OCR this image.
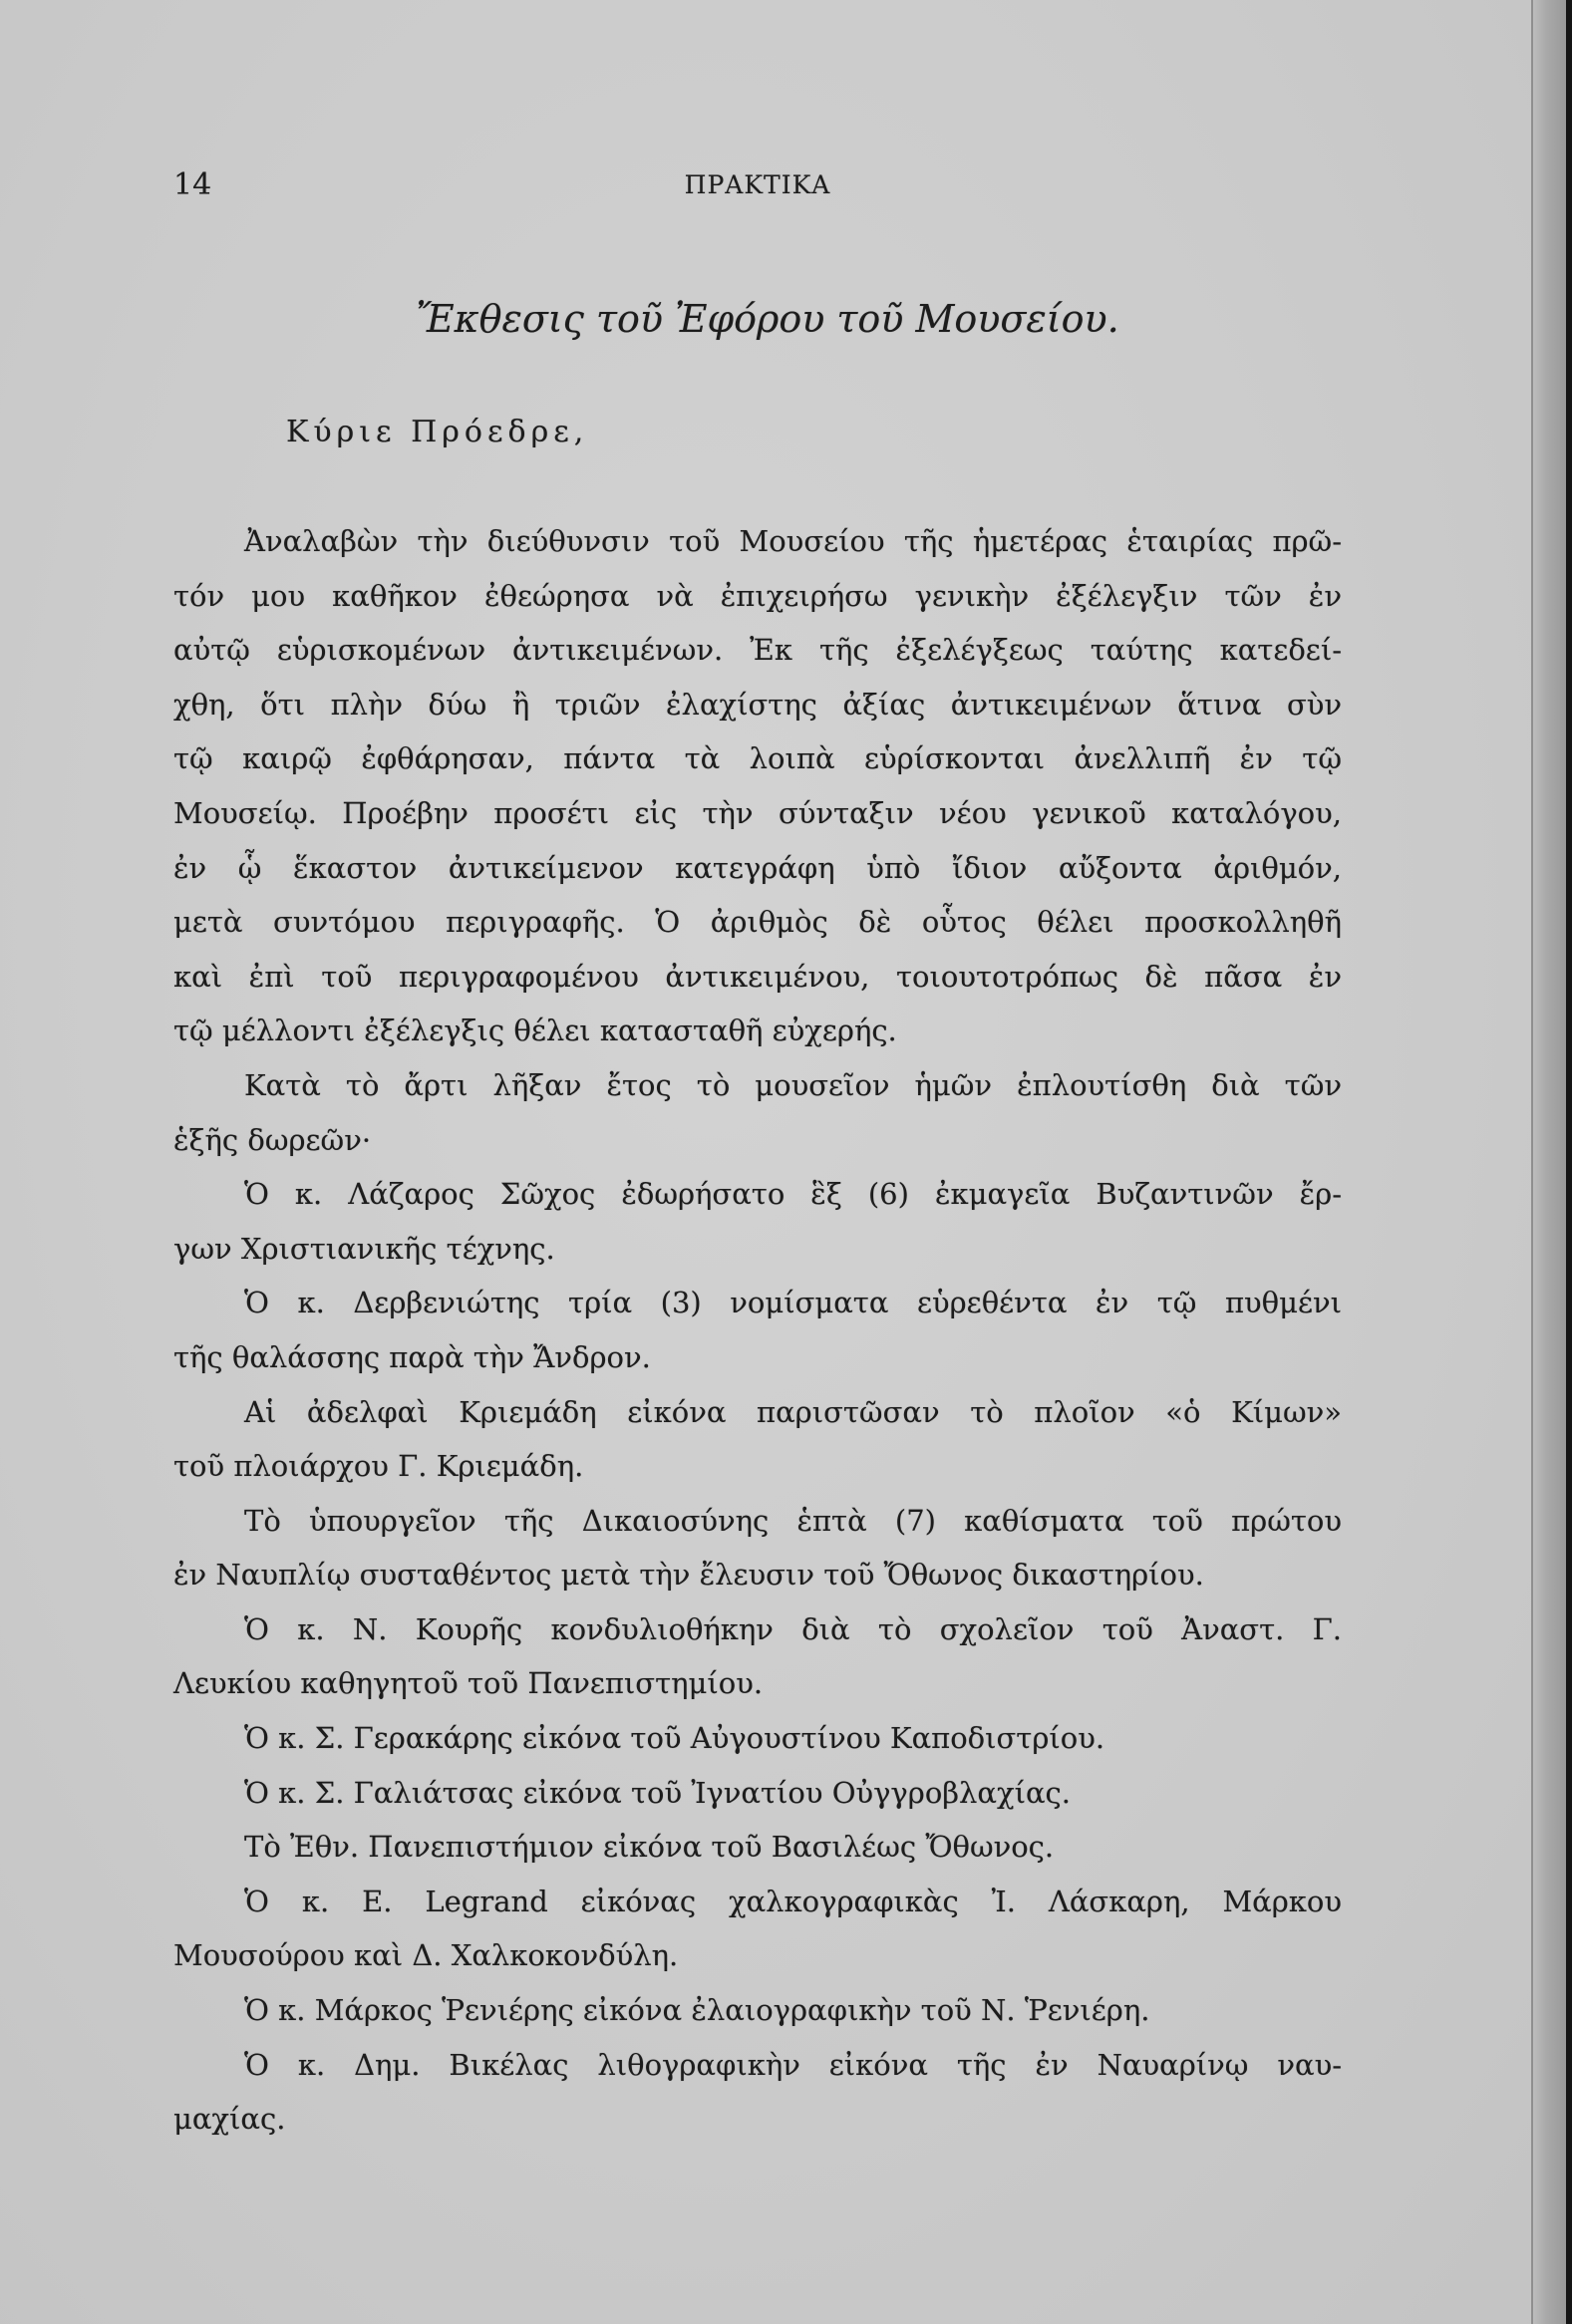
14	ΠΡΑΚΤΙΚΑ
Ἔκθεσις τοῦ Ἐφόρου τοῦ Μουσείου.
Κύριε Πρόεδρε,
Ἀναλαβὼν τὴν διεύθυνσιν τοῦ Μουσείου τῆς ἡμετέρας ἑταιρίας πρῶ-
τόν μου καθῆκον ἐθεώρησα νὰ ἐπιχειρήσω γενικὴν ἐξέλεγξιν τῶν ἐν
αὐτῷ εὑρισκομένων ἀντικειμένων. Ἐκ τῆς ἐξελέγξεως ταύτης κατεδεί-
χθη, ὅτι πλὴν δύω ἢ τριῶν ἐλαχίστης ἀξίας ἀντικειμένων ἅτινα σὺν
τῷ καιρῷ ἐφθάρησαν, πάντα τὰ λοιπὰ εὑρίσκονται ἀνελλιπῆ ἐν τῷ
Μουσείῳ. Προέβην προσέτι εἰς τὴν σύνταξιν νέου γενικοῦ καταλόγου,
ἐν ᾧ ἕκαστον ἀντικείμενον κατεγράφη ὑπὸ ἴδιον αὔξοντα ἀριθμόν,
μετὰ συντόμου περιγραφῆς. Ὁ ἀριθμὸς δὲ οὗτος θέλει προσκολληθῆ
καὶ ἐπὶ τοῦ περιγραφομένου ἀντικειμένου, τοιουτοτρόπως δὲ πᾶσα ἐν
τῷ μέλλοντι ἐξέλεγξις θέλει κατασταθῆ εὐχερής.
Κατὰ τὸ ἄρτι λῆξαν ἔτος τὸ μουσεῖον ἡμῶν ἐπλουτίσθη διὰ τῶν
ἑξῆς δωρεῶν·
Ὁ κ. Λάζαρος Σῶχος ἐδωρήσατο ἓξ (6) ἐκμαγεῖα Βυζαντινῶν ἔρ-
γων Χριστιανικῆς τέχνης.
Ὁ κ. Δερβενιώτης τρία (3) νομίσματα εὑρεθέντα ἐν τῷ πυθμένι
τῆς θαλάσσης παρὰ τὴν Ἄνδρον.
Αἱ ἀδελφαὶ Κριεμάδη εἰκόνα παριστῶσαν τὸ πλοῖον «ὁ Κίμων»
τοῦ πλοιάρχου Γ. Κριεμάδη.
Τὸ ὑπουργεῖον τῆς Δικαιοσύνης ἑπτὰ (7) καθίσματα τοῦ πρώτου
ἐν Ναυπλίῳ συσταθέντος μετὰ τὴν ἔλευσιν τοῦ Ὄθωνος δικαστηρίου.
Ὁ κ. Ν. Κουρῆς κονδυλιοθήκην διὰ τὸ σχολεῖον τοῦ Ἀναστ. Γ.
Λευκίου καθηγητοῦ τοῦ Πανεπιστημίου.
Ὁ κ. Σ. Γερακάρης εἰκόνα τοῦ Αὐγουστίνου Καποδιστρίου.
Ὁ κ. Σ. Γαλιάτσας εἰκόνα τοῦ Ἰγνατίου Οὐγγροβλαχίας.
Τὸ Ἐθν. Πανεπιστήμιον εἰκόνα τοῦ Βασιλέως Ὄθωνος.
Ὁ κ. Ε. Legrand εἰκόνας χαλκογραφικὰς Ἰ. Λάσκαρη, Μάρκου
Μουσούρου καὶ Δ. Χαλκοκονδύλη.
Ὁ κ. Μάρκος Ῥενιέρης εἰκόνα ἐλαιογραφικὴν τοῦ Ν. Ῥενιέρη.
Ὁ κ. Δημ. Βικέλας λιθογραφικὴν εἰκόνα τῆς ἐν Ναυαρίνῳ ναυ-
μαχίας.
